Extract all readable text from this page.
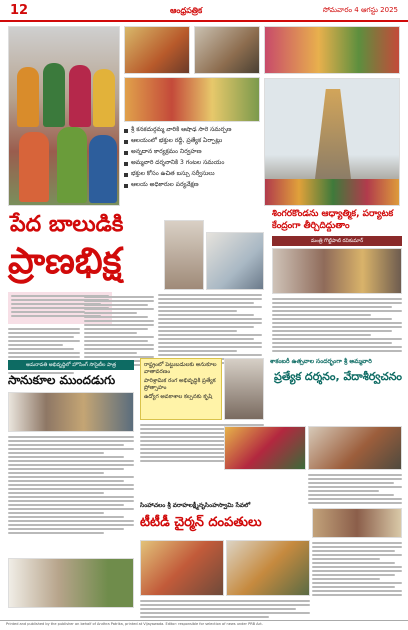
12	ఆంధ్రపత్రిక	సోమవారం 4 ఆగస్టు 2025
శ్రీ కనకదుర్గమ్మ వారికి ఆషాఢ సారె సమర్పణ
ఆలయంలో భక్తుల రద్దీ, ప్రత్యేక ఏర్పాట్లు
అన్నదాన కార్యక్రమం నిర్వహణ
అమ్మవారి దర్శనానికి 3 గంటల సమయం
భక్తుల కోసం ఉచిత బస్సు సర్వీసులు
ఆలయ అధికారుల పర్యవేక్షణ
పేద బాలుడికి
ప్రాణభిక్ష
శింగరకొండను ఆధ్యాత్మిక, పర్యాటక కేంద్రంగా తీర్చిదిద్దుతాం
మంత్రి గొట్టిపాటి రవికుమార్
అమరావతి అభివృద్ధిలో హౌసింగ్ సొసైటీల పాత్ర
సానుకూల ముందడుగు
రాష్ట్రంలో పెట్టుబడులకు అనుకూల వాతావరణం
పారిశ్రామిక రంగ అభివృద్ధికి ప్రత్యేక ప్రోత్సాహం
ఉద్యోగ అవకాశాల కల్పనకు కృషి
శాకంబరీ ఉత్సవాల సందర్భంగా శ్రీ అమ్మవారి
ప్రత్యేక దర్శనం, వేదాశీర్వచనం
సింహాచలం శ్రీ వరాహలక్ష్మీనృసింహస్వామి సేవలో
టీటీడీ చైర్మన్ దంపతులు
Printed and published by the publisher on behalf of Andhra Patrika, printed at Vijayawada. Editor: responsible for selection of news under PRB Act.
